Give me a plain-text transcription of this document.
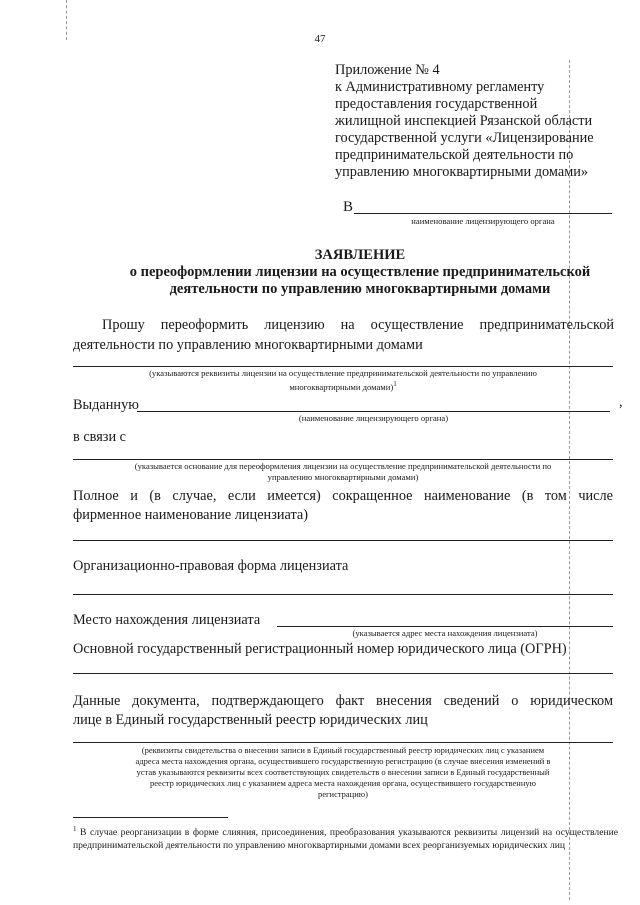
47
Приложение № 4
к Административному регламенту
предоставления государственной
жилищной инспекцией Рязанской области
государственной услуги «Лицензирование
предпринимательской деятельности по
управлению многоквартирными домами»
В
наименование лицензирующего органа
ЗАЯВЛЕНИЕ
о переоформлении лицензии на осуществление предпринимательской
деятельности по управлению многоквартирными домами
Прошу переоформить лицензию на осуществление предпринимательской
деятельности по управлению многоквартирными домами
(указываются реквизиты лицензии на осуществление предпринимательской деятельности по управлению
многоквартирными домами)$^1$
Выданную	,
(наименование лицензирующего органа)
в связи с
(указывается основание для переоформления лицензии на осуществление предпринимательской деятельности по
управлению многоквартирными домами)
Полное и (в случае, если имеется) сокращенное наименование (в том числе
фирменное наименование лицензиата)
Организационно-правовая форма лицензиата
Место нахождения лицензиата
(указывается адрес места нахождения лицензиата)
Основной государственный регистрационный номер юридического лица (ОГРН)
Данные документа, подтверждающего факт внесения сведений о юридическом
лице в Единый государственный реестр юридических лиц
(реквизиты свидетельства о внесении записи в Единый государственный реестр юридических лиц с указанием
адреса места нахождения органа, осуществившего государственную регистрацию (в случае внесения изменений в
устав указываются реквизиты всех соответствующих свидетельств о внесении записи в Единый государственный
реестр юридических лиц с указанием адреса места нахождения органа, осуществившего государственную
регистрацию)
$^1$ В случае реорганизации в форме слияния, присоединения, преобразования указываются реквизиты лицензий на осуществление предпринимательской деятельности по управлению многоквартирными домами всех реорганизуемых юридических лиц
